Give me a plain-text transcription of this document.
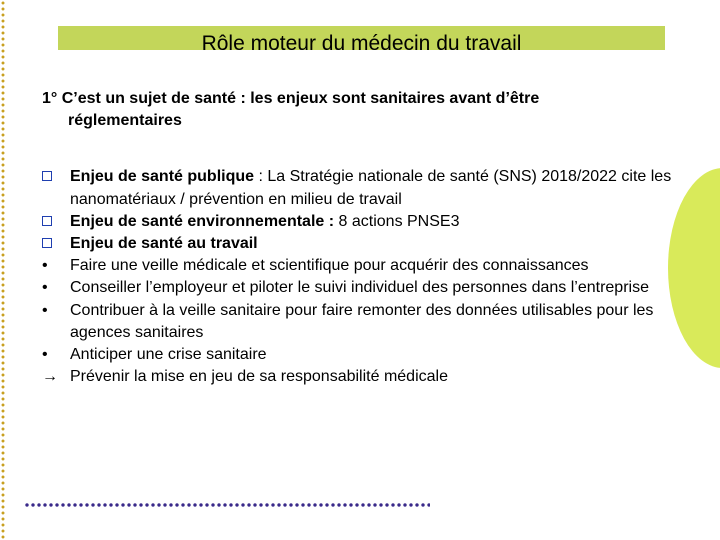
Rôle moteur du médecin du travail

1° C’est un sujet de santé : les enjeux sont sanitaires avant d’être
réglementaires

Enjeu de santé publique : La Stratégie nationale de santé (SNS) 2018/2022 cite les nanomatériaux / prévention en milieu de travail
Enjeu de santé environnementale : 8 actions PNSE3
Enjeu de santé au travail
•	Faire une veille médicale et scientifique pour acquérir des connaissances
•	Conseiller l’employeur et piloter le suivi individuel des personnes dans l’entreprise
•	Contribuer à la veille sanitaire pour faire remonter des données utilisables pour les agences sanitaires
•	Anticiper une crise sanitaire
→ Prévenir la mise en jeu de sa responsabilité médicale
